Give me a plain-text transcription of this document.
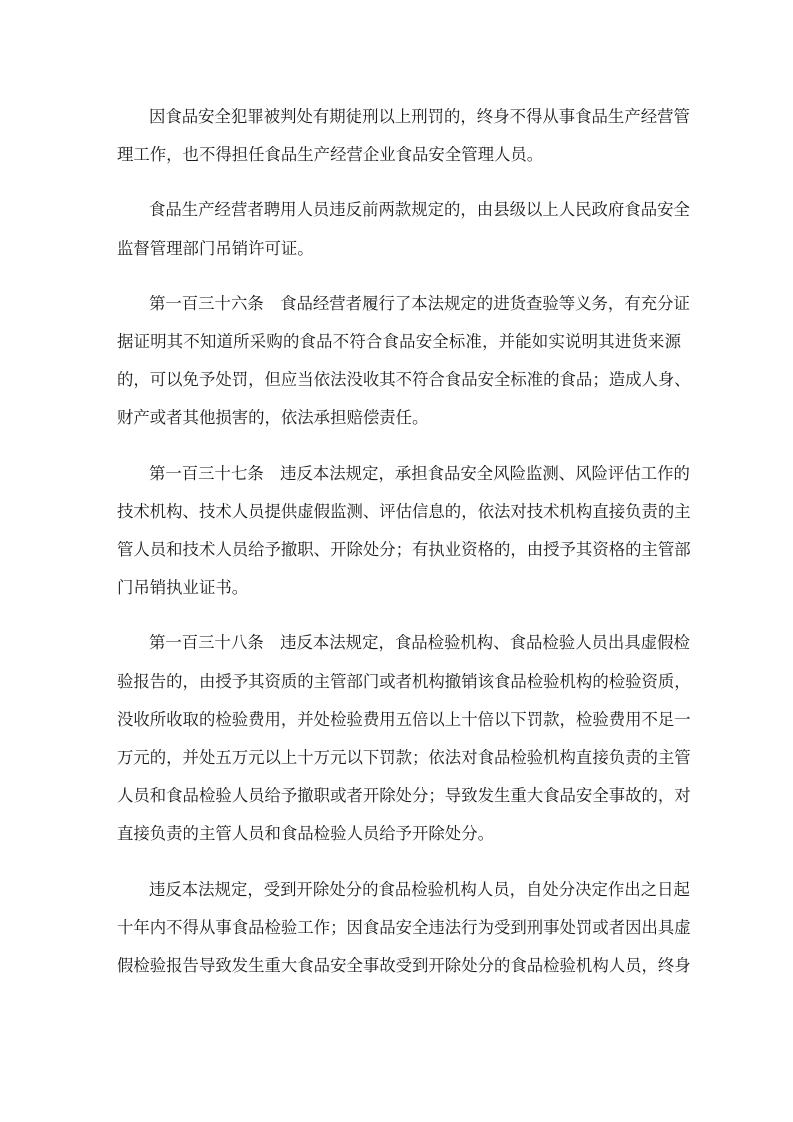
因食品安全犯罪被判处有期徒刑以上刑罚的，终身不得从事食品生产经营管
理工作，也不得担任食品生产经营企业食品安全管理人员。

食品生产经营者聘用人员违反前两款规定的，由县级以上人民政府食品安全
监督管理部门吊销许可证。

第一百三十六条　食品经营者履行了本法规定的进货查验等义务，有充分证
据证明其不知道所采购的食品不符合食品安全标准，并能如实说明其进货来源
的，可以免予处罚，但应当依法没收其不符合食品安全标准的食品；造成人身、
财产或者其他损害的，依法承担赔偿责任。

第一百三十七条　违反本法规定，承担食品安全风险监测、风险评估工作的
技术机构、技术人员提供虚假监测、评估信息的，依法对技术机构直接负责的主
管人员和技术人员给予撤职、开除处分；有执业资格的，由授予其资格的主管部
门吊销执业证书。

第一百三十八条　违反本法规定，食品检验机构、食品检验人员出具虚假检
验报告的，由授予其资质的主管部门或者机构撤销该食品检验机构的检验资质，
没收所收取的检验费用，并处检验费用五倍以上十倍以下罚款，检验费用不足一
万元的，并处五万元以上十万元以下罚款；依法对食品检验机构直接负责的主管
人员和食品检验人员给予撤职或者开除处分；导致发生重大食品安全事故的，对
直接负责的主管人员和食品检验人员给予开除处分。

违反本法规定，受到开除处分的食品检验机构人员，自处分决定作出之日起
十年内不得从事食品检验工作；因食品安全违法行为受到刑事处罚或者因出具虚
假检验报告导致发生重大食品安全事故受到开除处分的食品检验机构人员，终身
